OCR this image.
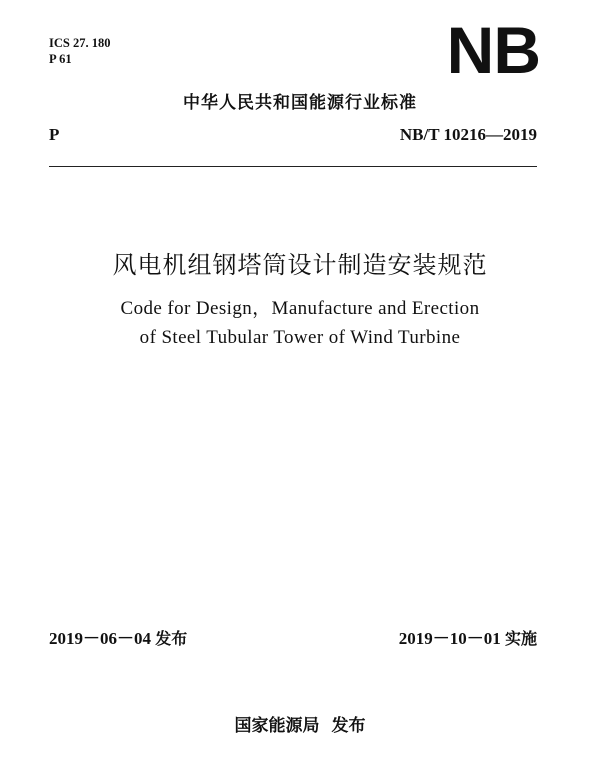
ICS 27. 180
P 61	NB
中华人民共和国能源行业标准
P	NB/T 10216—2019
风电机组钢塔筒设计制造安装规范
Code for Design，Manufacture and Erection
of Steel Tubular Tower of Wind Turbine
2019－06－04 发布	2019－10－01 实施
国家能源局 发布
